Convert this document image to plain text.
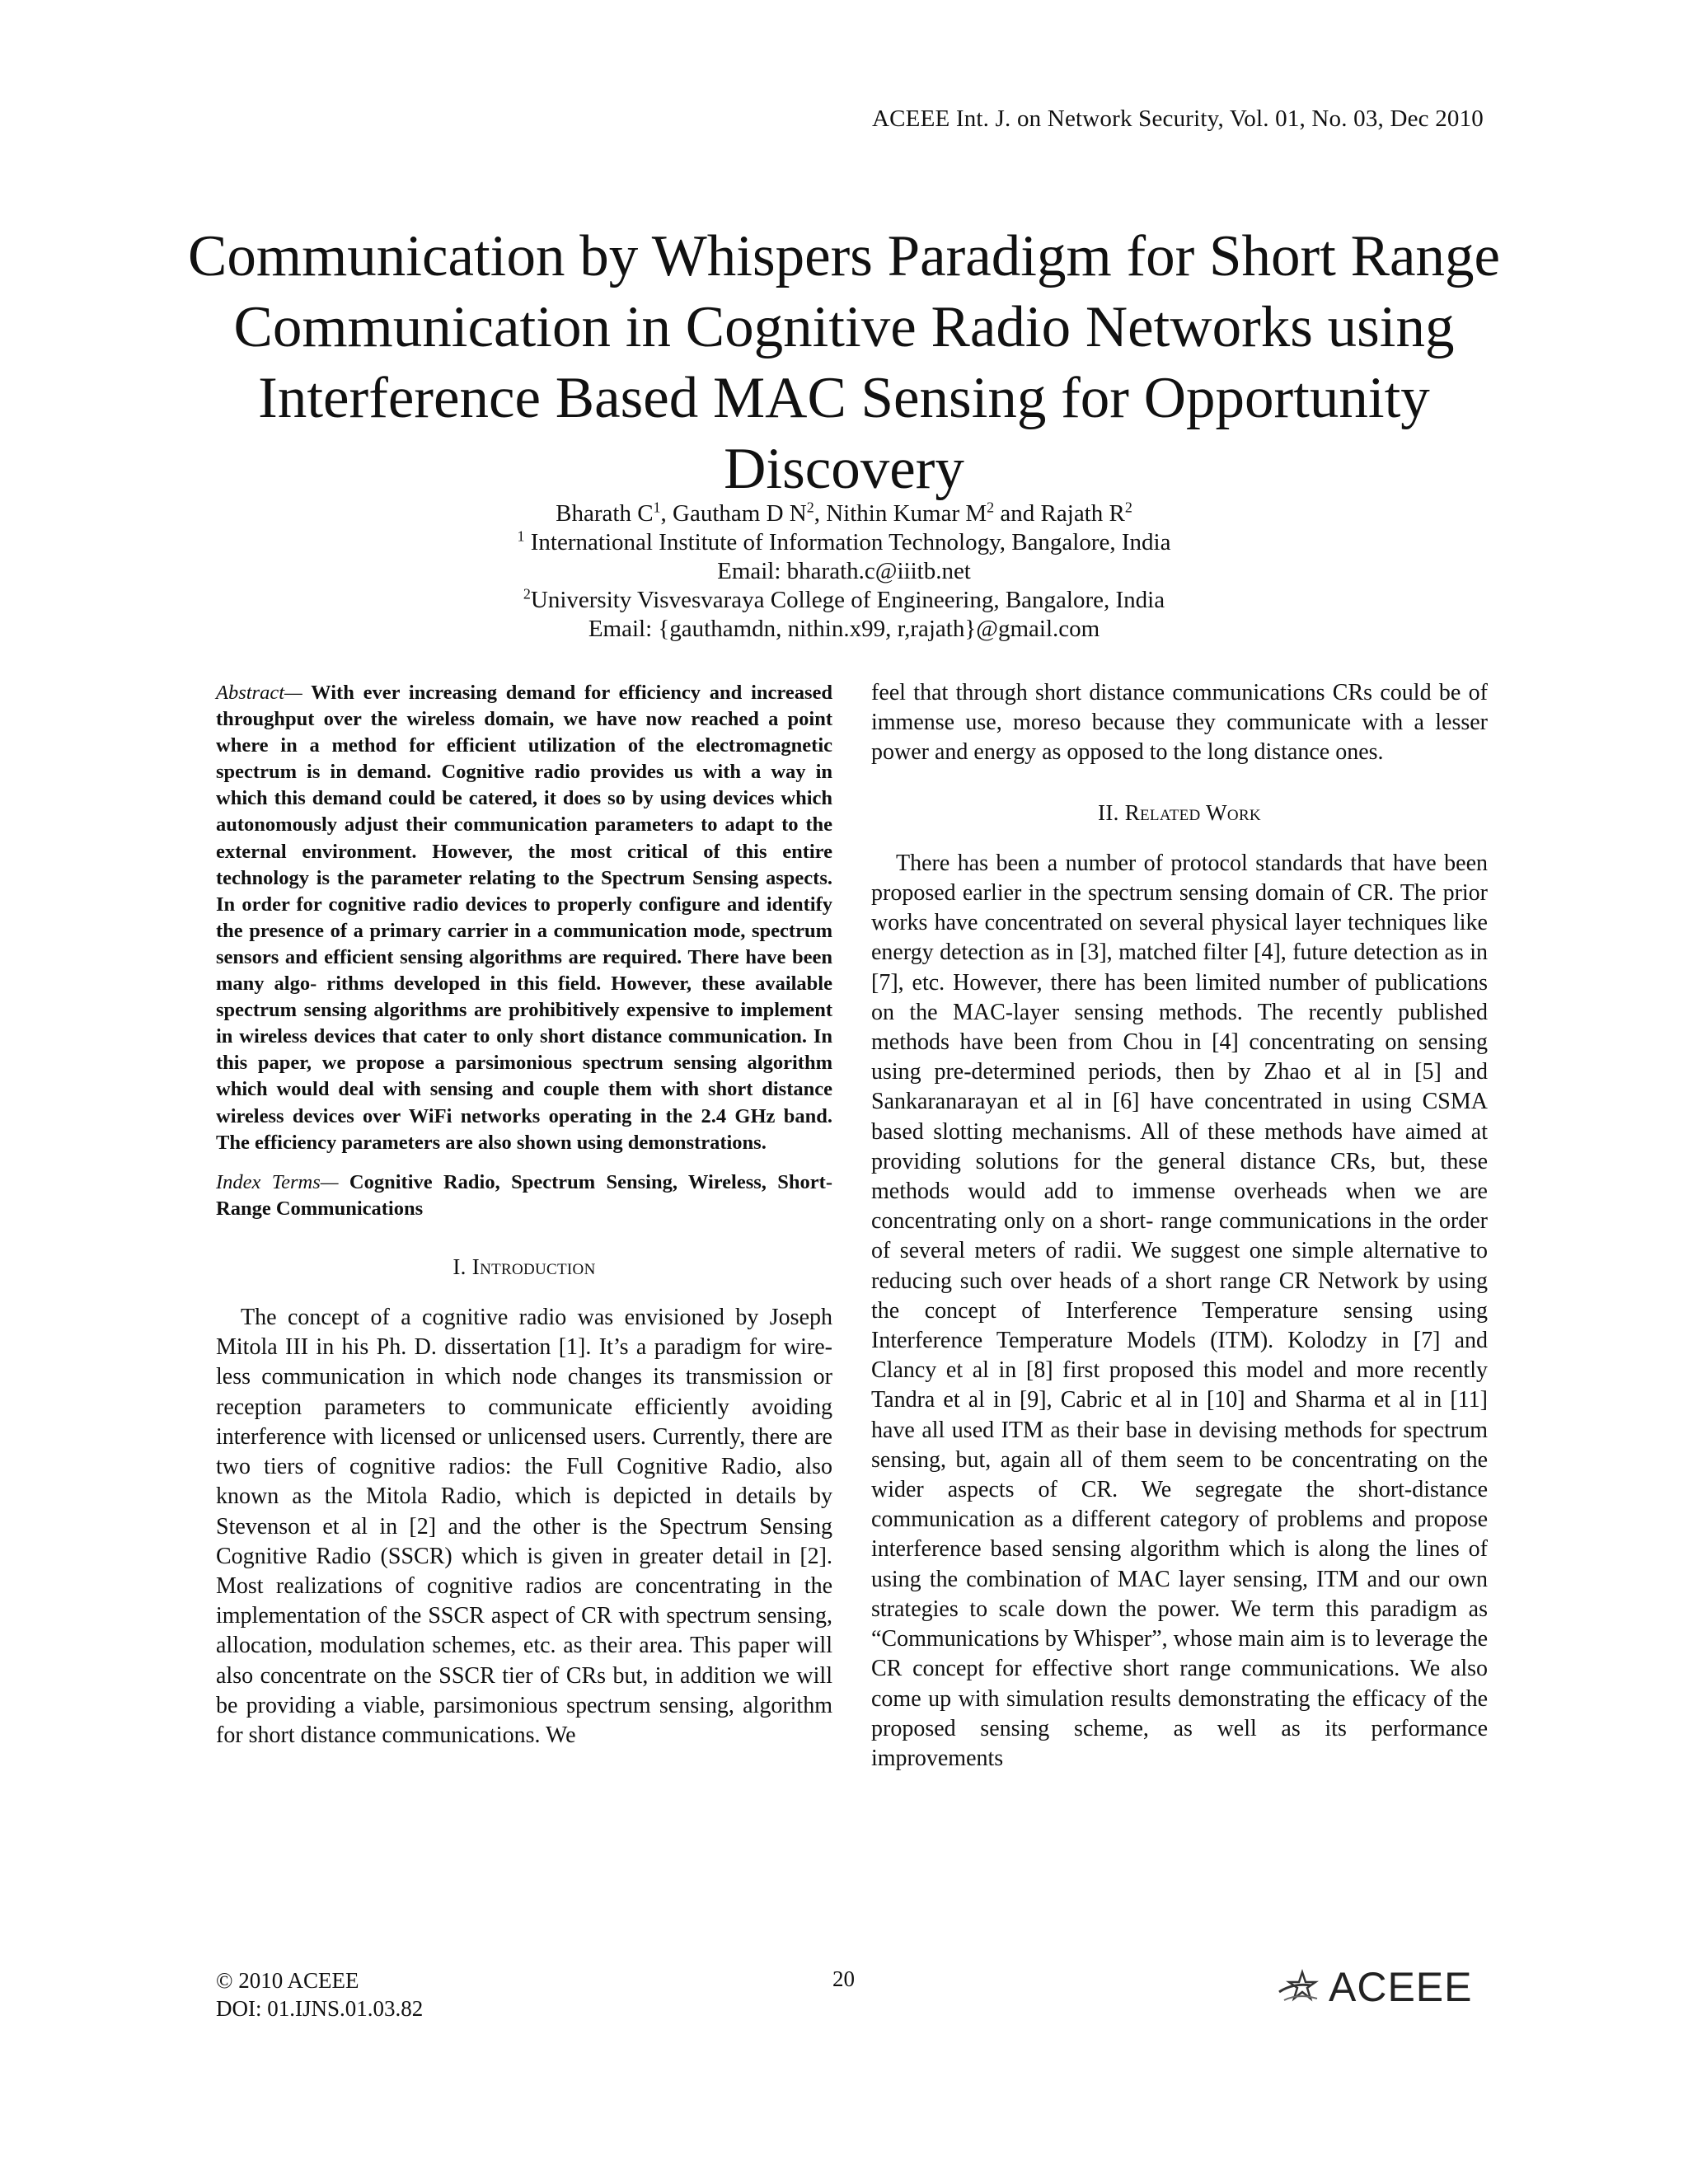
ACEEE Int. J. on Network Security, Vol. 01, No. 03, Dec 2010
Communication by Whispers Paradigm for Short Range Communication in Cognitive Radio Networks using Interference Based MAC Sensing for Opportunity Discovery
Bharath $C^1$, Gautham D $N^2$, Nithin Kumar $M^2$ and Rajath $R^2$
$^1$ International Institute of Information Technology, Bangalore, India
Email: bharath.c@iiitb.net
$^2$University Visvesvaraya College of Engineering, Bangalore, India
Email: {gauthamdn, nithin.x99, r,rajath}@gmail.com

Abstract— With ever increasing demand for efficiency and increased throughput over the wireless domain, we have now reached a point where in a method for efficient utilization of the electromagnetic spectrum is in demand. Cognitive radio provides us with a way in which this demand could be catered, it does so by using devices which autonomously adjust their communication parameters to adapt to the external environment. However, the most critical of this entire technology is the parameter relating to the Spectrum Sensing aspects. In order for cognitive radio devices to properly configure and identify the presence of a primary carrier in a communication mode, spectrum sensors and efficient sensing algorithms are required. There have been many algo- rithms developed in this field. However, these available spectrum sensing algorithms are prohibitively expensive to implement in wireless devices that cater to only short distance communication. In this paper, we propose a parsimonious spectrum sensing algorithm which would deal with sensing and couple them with short distance wireless devices over WiFi networks operating in the 2.4 GHz band. The efficiency parameters are also shown using demonstrations.

Index Terms— Cognitive Radio, Spectrum Sensing, Wireless, Short-Range Communications

I. Introduction

The concept of a cognitive radio was envisioned by Joseph Mitola III in his Ph. D. dissertation [1]. It’s a paradigm for wire- less communication in which node changes its transmission or reception parameters to communicate efficiently avoiding interference with licensed or unlicensed users. Currently, there are two tiers of cognitive radios: the Full Cognitive Radio, also known as the Mitola Radio, which is depicted in details by Stevenson et al in [2] and the other is the Spectrum Sensing Cognitive Radio (SSCR) which is given in greater detail in [2]. Most realizations of cognitive radios are concentrating in the implementation of the SSCR aspect of CR with spectrum sensing, allocation, modulation schemes, etc. as their area. This paper will also concentrate on the SSCR tier of CRs but, in addition we will be providing a viable, parsimonious spectrum sensing, algorithm for short distance communications. We

feel that through short distance communications CRs could be of immense use, moreso because they communicate with a lesser power and energy as opposed to the long distance ones.

II. Related Work

There has been a number of protocol standards that have been proposed earlier in the spectrum sensing domain of CR. The prior works have concentrated on several physical layer techniques like energy detection as in [3], matched filter [4], future detection as in [7], etc. However, there has been limited number of publications on the MAC-layer sensing methods. The recently published methods have been from Chou in [4] concentrating on sensing using pre-determined periods, then by Zhao et al in [5] and Sankaranarayan et al in [6] have concentrated in using CSMA based slotting mechanisms. All of these methods have aimed at providing solutions for the general distance CRs, but, these methods would add to immense overheads when we are concentrating only on a short- range communications in the order of several meters of radii. We suggest one simple alternative to reducing such over heads of a short range CR Network by using the concept of Interference Temperature sensing using Interference Temperature Models (ITM). Kolodzy in [7] and Clancy et al in [8] first proposed this model and more recently Tandra et al in [9], Cabric et al in [10] and Sharma et al in [11] have all used ITM as their base in devising methods for spectrum sensing, but, again all of them seem to be concentrating on the wider aspects of CR. We segregate the short-distance communication as a different category of problems and propose interference based sensing algorithm which is along the lines of using the combination of MAC layer sensing, ITM and our own strategies to scale down the power. We term this paradigm as “Communications by Whisper”, whose main aim is to leverage the CR concept for effective short range communications. We also come up with simulation results demonstrating the efficacy of the proposed sensing scheme, as well as its performance improvements

© 2010 ACEEE
DOI: 01.IJNS.01.03.82
20	ACEEE
